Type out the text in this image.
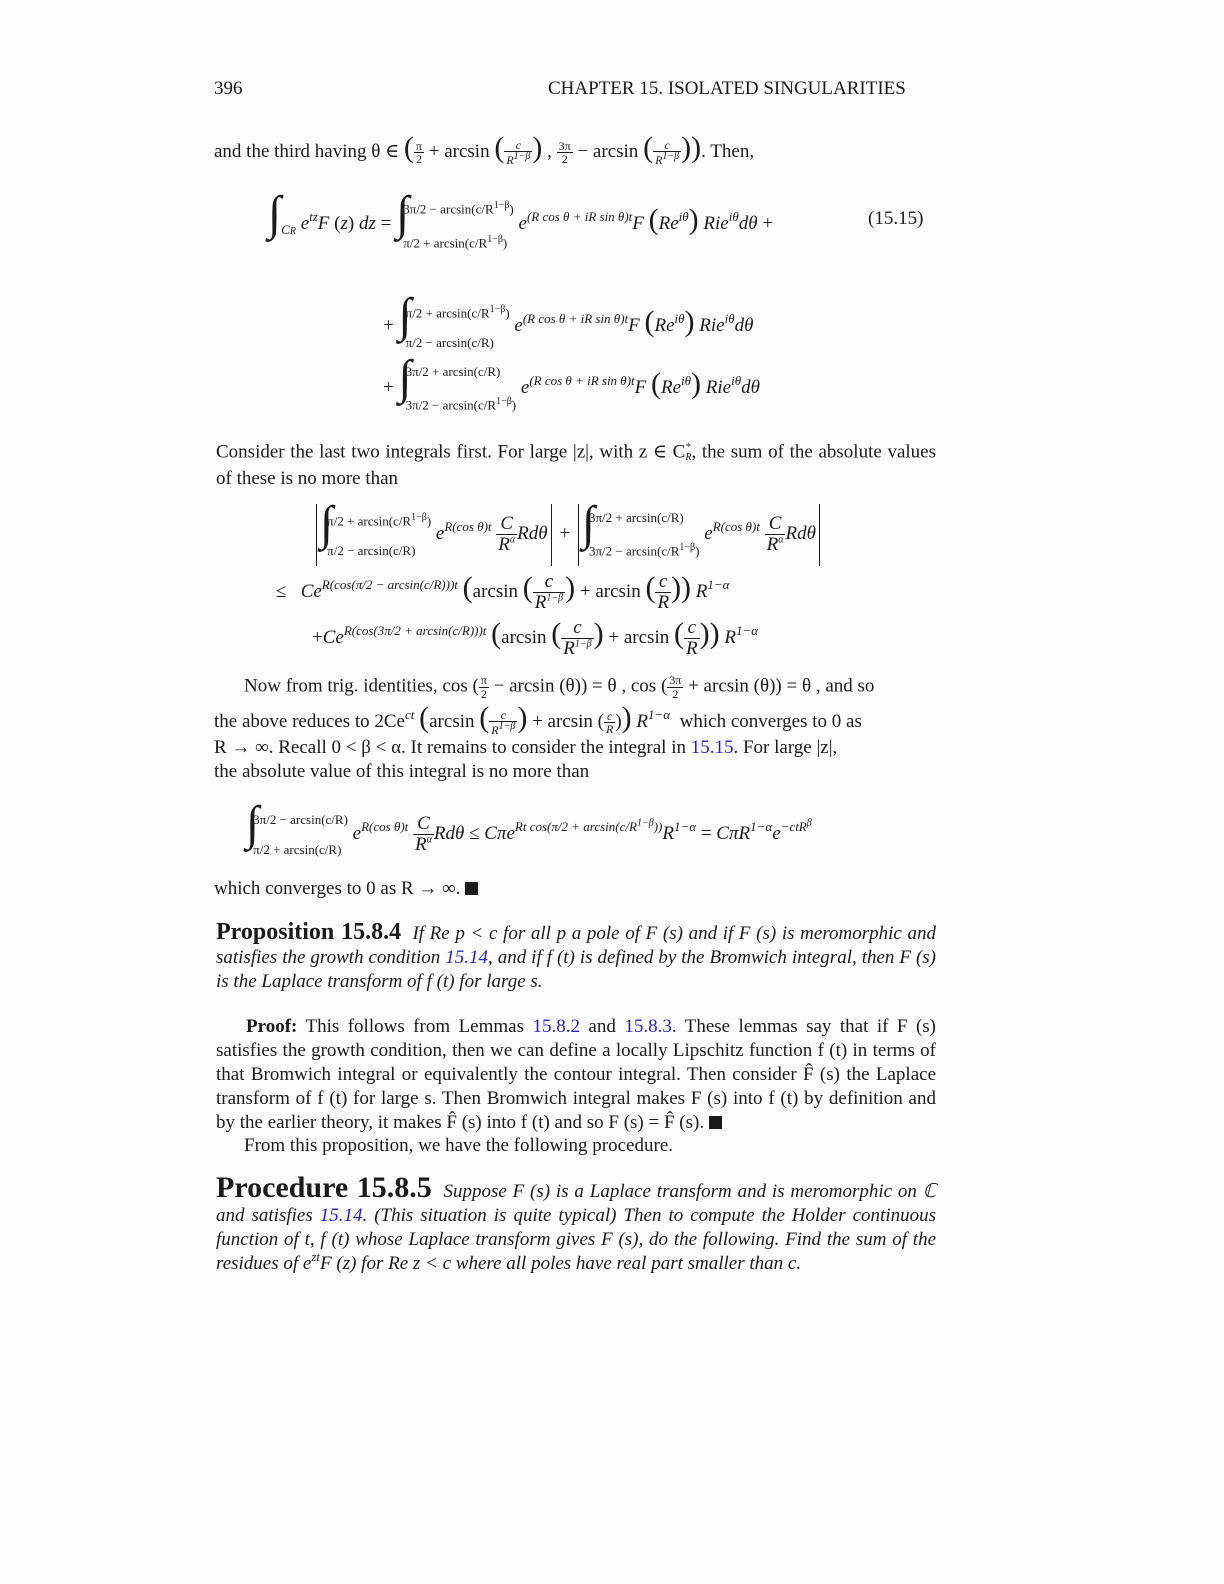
396	CHAPTER 15. ISOLATED SINGULARITIES
and the third having θ ∈ ( $\frac{\pi}{2} + \arcsin$ ( $\frac{c}{R^{1-\beta}}$ ) , $\frac{3\pi}{2} - \arcsin$ ( $\frac{c}{R^{1-\beta}}$ )). Then,
$\int_{CR}$ $e^{tz}F$ (z) dz = ∫
$3\pi/2 - \arcsin(c/R^{1-\beta})$
$\pi/2 + \arcsin(c/R^{1-\beta})$
$e^{(R cos \theta + iR sin \theta)t}F$ $(Re^{i\theta}) Rie^{i\theta}d\theta$ +	(15.15)
+ ∫
$\pi/2 + \arcsin(c/R^{1-\beta})$
π/2 − arcsin(c/R)
$e^{(R cos \theta + iR sin \theta)t}F$ $(Re^{i\theta})$ Rie$^{i\theta}$dθ
+ ∫
3π/2 + arcsin(c/R)
$3\pi/2 - \arcsin(c/R^{1-\beta})$
$e^{(R cos \theta + iR sin \theta)t}F$ $(Re^{i\theta})$ Rie$^{i\theta}$dθ
Consider the last two integrals first. For large |z|, with z ∈ C*R, the sum of the absolute values of these is no more than
∫
$\pi/2 + \arcsin(c/R^{1-\beta})$
π/2 − arcsin(c/R)
$e^{R(cos \theta)t} \frac{C}{R^\alpha}$ Rdθ + ∫
3π/2 + arcsin(c/R)
$3\pi/2 - \arcsin(c/R^{1-\beta})$
$e^{R(cos \theta)t} \frac{C}{R^\alpha}$ Rdθ
≤   $Ce^{R(cos(\pi/2 - arcsin(c/R)))t}$ (arcsin ( $\frac{c}{R^{1-\beta}}$ ) + arcsin ( $\frac{c}{R}$ )) $R^{1-\alpha}$
$+Ce^{R(cos(3\pi/2 + arcsin(c/R)))t}$ (arcsin ( $\frac{c}{R^{1-\beta}}$ ) + arcsin ( $\frac{c}{R}$ )) $R^{1-\alpha}$
Now from trig. identities, cos ( $\frac{\pi}{2} - \arcsin (\theta)) = \theta$ , cos ( $\frac{3\pi}{2} + \arcsin (\theta)) = \theta$ , and so
the above reduces to $2Ce^{ct}$ (arcsin ( $\frac{c}{R^{1-\beta}}$ ) + arcsin ( $\frac{c}{R}$ )) $R^{1-\alpha}$ which converges to 0 as
R → ∞. Recall 0 < β < α. It remains to consider the integral in 15.15. For large |z|,
the absolute value of this integral is no more than
∫
3π/2 − arcsin(c/R)
π/2 + arcsin(c/R)
$e^{R(cos \theta)t} \frac{C}{R^\alpha}$ $Rd\theta \le C\pi e^{Rt cos(\pi/2 + arcsin(c/R^{1-\beta}))}R^{1-\alpha} = C\pi R^{1-\alpha}e^{-ctR^\beta}$
which converges to 0 as R → ∞.
Proposition 15.8.4 If Re p < c for all p a pole of F (s) and if F (s) is meromorphic and satisfies the growth condition 15.14, and if f (t) is defined by the Bromwich integral, then F (s) is the Laplace transform of f (t) for large s.
Proof: This follows from Lemmas 15.8.2 and 15.8.3. These lemmas say that if F (s) satisfies the growth condition, then we can define a locally Lipschitz function f (t) in terms of that Bromwich integral or equivalently the contour integral. Then consider F̂ (s) the Laplace transform of f (t) for large s. Then Bromwich integral makes F (s) into f (t) by definition and by the earlier theory, it makes F̂ (s) into f (t) and so F (s) = F̂ (s).
From this proposition, we have the following procedure.
Procedure 15.8.5 Suppose F (s) is a Laplace transform and is meromorphic on ℂ and satisfies 15.14. (This situation is quite typical) Then to compute the Holder continuous function of t, f (t) whose Laplace transform gives F (s), do the following. Find the sum of the residues of $e^{zt}F$ (z) for Re z < c where all poles have real part smaller than c.
